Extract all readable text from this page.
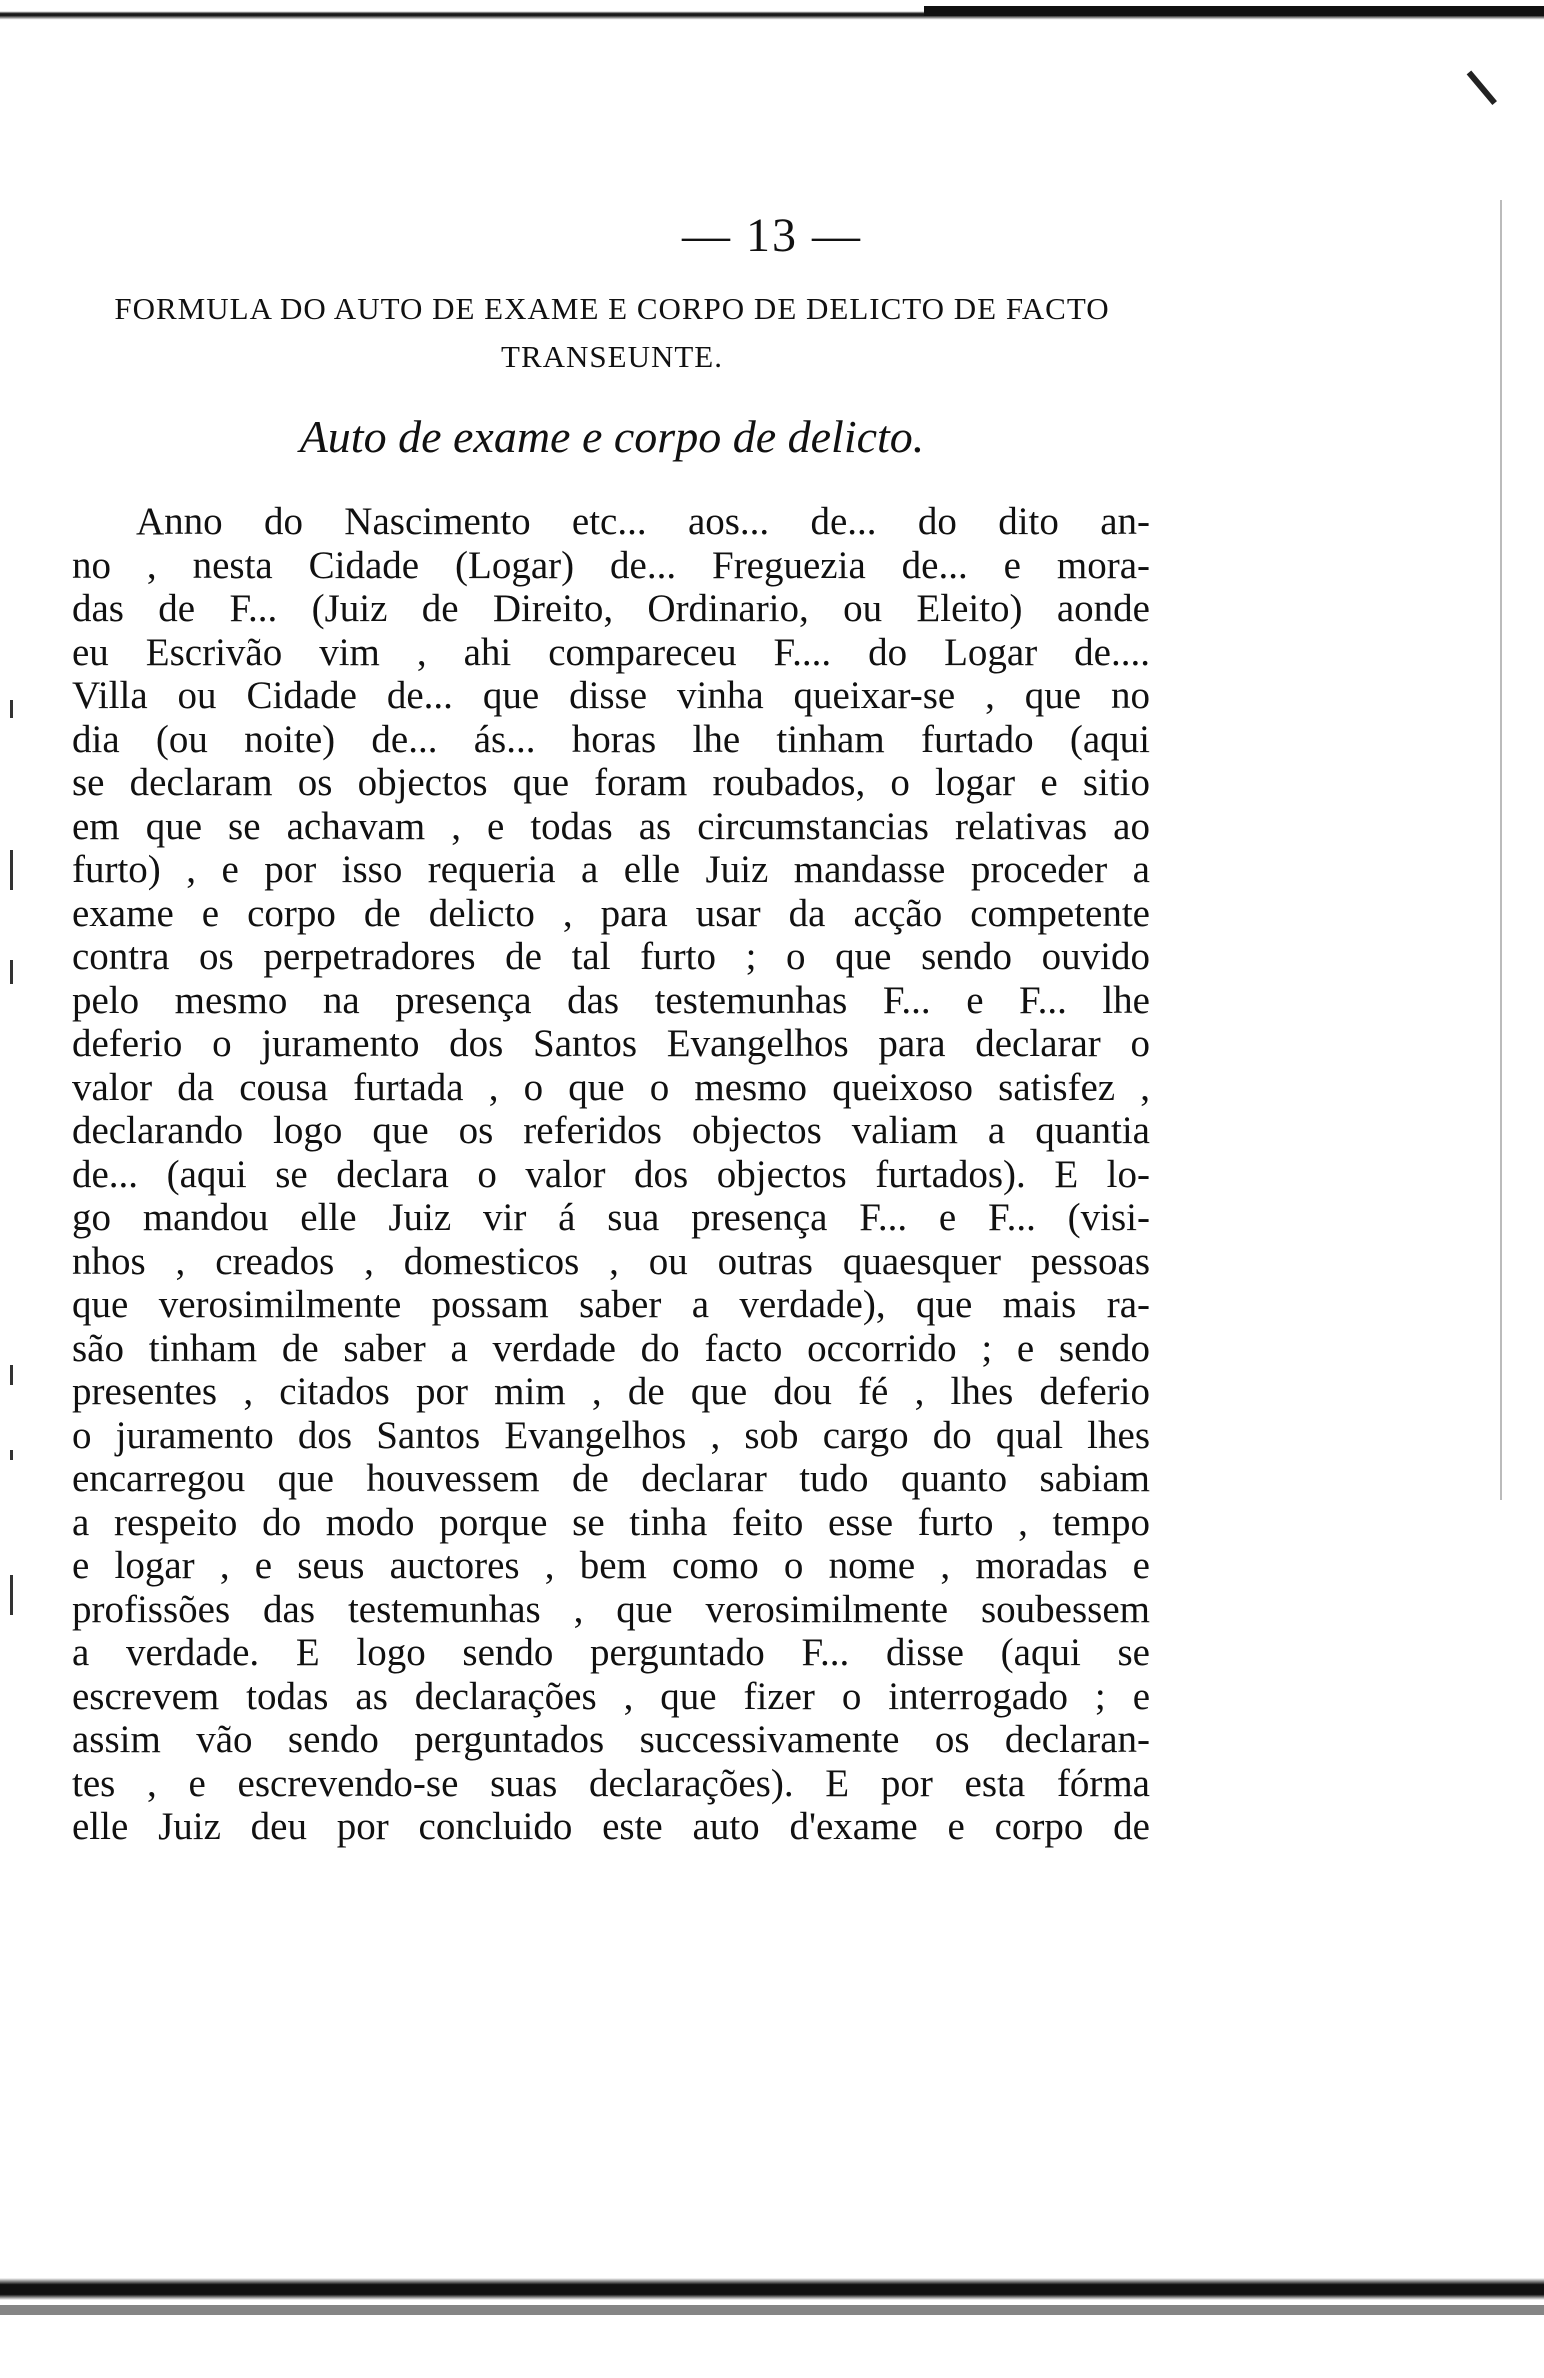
— 13 —
FORMULA DO AUTO DE EXAME E CORPO DE DELICTO DE FACTO
TRANSEUNTE.
Auto de exame e corpo de delicto.
Anno do Nascimento etc... aos... de... do dito an-
no , nesta Cidade (Logar) de... Freguezia de... e mora-
das de F... (Juiz de Direito, Ordinario, ou Eleito) aonde
eu Escrivão vim , ahi compareceu F.... do Logar de....
Villa ou Cidade de... que disse vinha queixar-se , que no
dia (ou noite) de... ás... horas lhe tinham furtado (aqui
se declaram os objectos que foram roubados, o logar e sitio
em que se achavam , e todas as circumstancias relativas ao
furto) , e por isso requeria a elle Juiz mandasse proceder a
exame e corpo de delicto , para usar da acção competente
contra os perpetradores de tal furto ; o que sendo ouvido
pelo mesmo na presença das testemunhas F... e F... lhe
deferio o juramento dos Santos Evangelhos para declarar o
valor da cousa furtada , o que o mesmo queixoso satisfez ,
declarando logo que os referidos objectos valiam a quantia
de... (aqui se declara o valor dos objectos furtados). E lo-
go mandou elle Juiz vir á sua presença F... e F... (visi-
nhos , creados , domesticos , ou outras quaesquer pessoas
que verosimilmente possam saber a verdade), que mais ra-
são tinham de saber a verdade do facto occorrido ; e sendo
presentes , citados por mim , de que dou fé , lhes deferio
o juramento dos Santos Evangelhos , sob cargo do qual lhes
encarregou que houvessem de declarar tudo quanto sabiam
a respeito do modo porque se tinha feito esse furto , tempo
e logar , e seus auctores , bem como o nome , moradas e
profissões das testemunhas , que verosimilmente soubessem
a verdade. E logo sendo perguntado F... disse (aqui se
escrevem todas as declarações , que fizer o interrogado ; e
assim vão sendo perguntados successivamente os declaran-
tes , e escrevendo-se suas declarações). E por esta fórma
elle Juiz deu por concluido este auto d'exame e corpo de
